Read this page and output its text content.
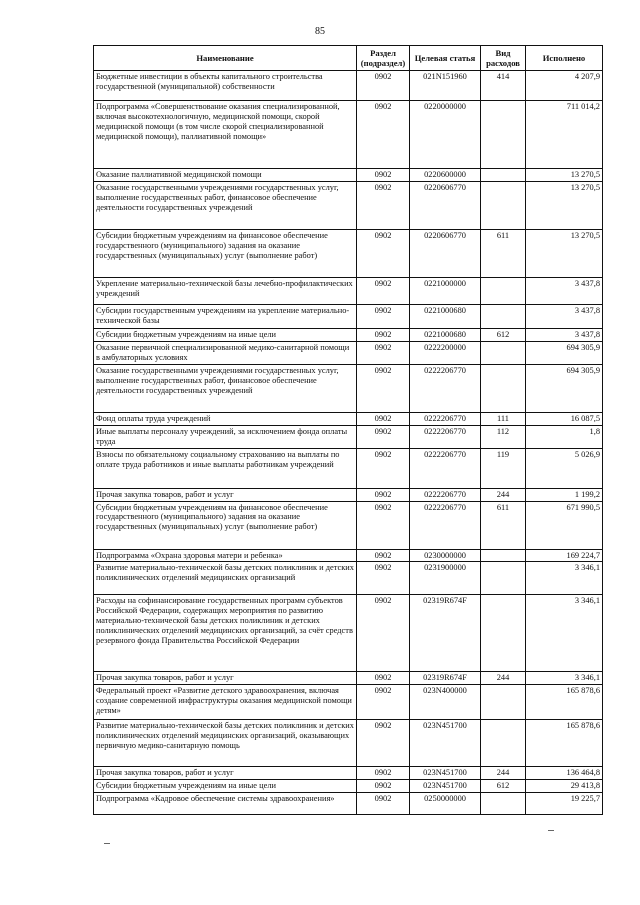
85
Наименование	Раздел (подраздел)	Целевая статья	Вид расходов	Исполнено
Бюджетные инвестиции в объекты капитального строительства государственной (муниципальной) собственности	0902	021N151960	414	4 207,9
Подпрограмма «Совершенствование оказания специализированной, включая высокотехнологичную, медицинской помощи, скорой медицинской помощи (в том числе скорой специализированной медицинской помощи), паллиативной помощи»	0902	0220000000		711 014,2
Оказание паллиативной медицинской помощи	0902	0220600000		13 270,5
Оказание государственными учреждениями государственных услуг, выполнение государственных работ, финансовое обеспечение деятельности государственных учреждений	0902	0220606770		13 270,5
Субсидии бюджетным учреждениям на финансовое обеспечение государственного (муниципального) задания на оказание государственных (муниципальных) услуг (выполнение работ)	0902	0220606770	611	13 270,5
Укрепление материально-технической базы лечебно-профилактических учреждений	0902	0221000000		3 437,8
Субсидии государственным учреждениям на укрепление материально-технической базы	0902	0221000680		3 437,8
Субсидии бюджетным учреждениям на иные цели	0902	0221000680	612	3 437,8
Оказание первичной специализированной медико-санитарной помощи в амбулаторных условиях	0902	0222200000		694 305,9
Оказание государственными учреждениями государственных услуг, выполнение государственных работ, финансовое обеспечение деятельности государственных учреждений	0902	0222206770		694 305,9
Фонд оплаты труда учреждений	0902	0222206770	111	16 087,5
Иные выплаты персоналу учреждений, за исключением фонда оплаты труда	0902	0222206770	112	1,8
Взносы по обязательному социальному страхованию на выплаты по оплате труда работников и иные выплаты работникам учреждений	0902	0222206770	119	5 026,9
Прочая закупка товаров, работ и услуг	0902	0222206770	244	1 199,2
Субсидии бюджетным учреждениям на финансовое обеспечение государственного (муниципального) задания на оказание государственных (муниципальных) услуг (выполнение работ)	0902	0222206770	611	671 990,5
Подпрограмма «Охрана здоровья матери и ребенка»	0902	0230000000		169 224,7
Развитие материально-технической базы детских поликлиник и детских поликлинических отделений медицинских организаций	0902	0231900000		3 346,1
Расходы на софинансирование государственных программ субъектов Российской Федерации, содержащих мероприятия по развитию материально-технической базы детских поликлиник и детских поликлинических отделений медицинских организаций, за счёт средств резервного фонда Правительства Российской Федерации	0902	02319R674F		3 346,1
Прочая закупка товаров, работ и услуг	0902	02319R674F	244	3 346,1
Федеральный проект «Развитие детского здравоохранения, включая создание современной инфраструктуры оказания медицинской помощи детям»	0902	023N400000		165 878,6
Развитие материально-технической базы детских поликлиник и детских поликлинических отделений медицинских организаций, оказывающих первичную медико-санитарную помощь	0902	023N451700		165 878,6
Прочая закупка товаров, работ и услуг	0902	023N451700	244	136 464,8
Субсидии бюджетным учреждениям на иные цели	0902	023N451700	612	29 413,8
Подпрограмма «Кадровое обеспечение системы здравоохранения»	0902	0250000000		19 225,7
